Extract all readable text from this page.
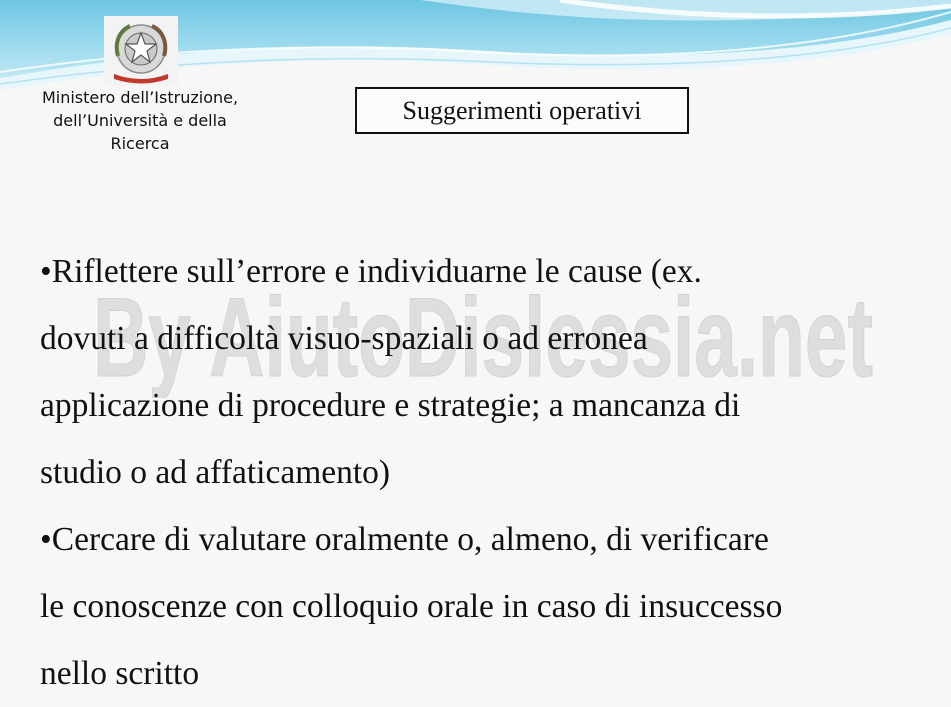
Ministero dell’Istruzione,
dell’Università e della
Ricerca

Suggerimenti operativi
By AiutoDislessia.net
•Riflettere sull’errore e individuarne le cause (ex.
dovuti a difficoltà visuo-spaziali o ad erronea
applicazione di procedure e strategie; a mancanza di
studio o ad affaticamento)
•Cercare di valutare oralmente o, almeno, di verificare
le conoscenze con colloquio orale in caso di insuccesso
nello scritto
